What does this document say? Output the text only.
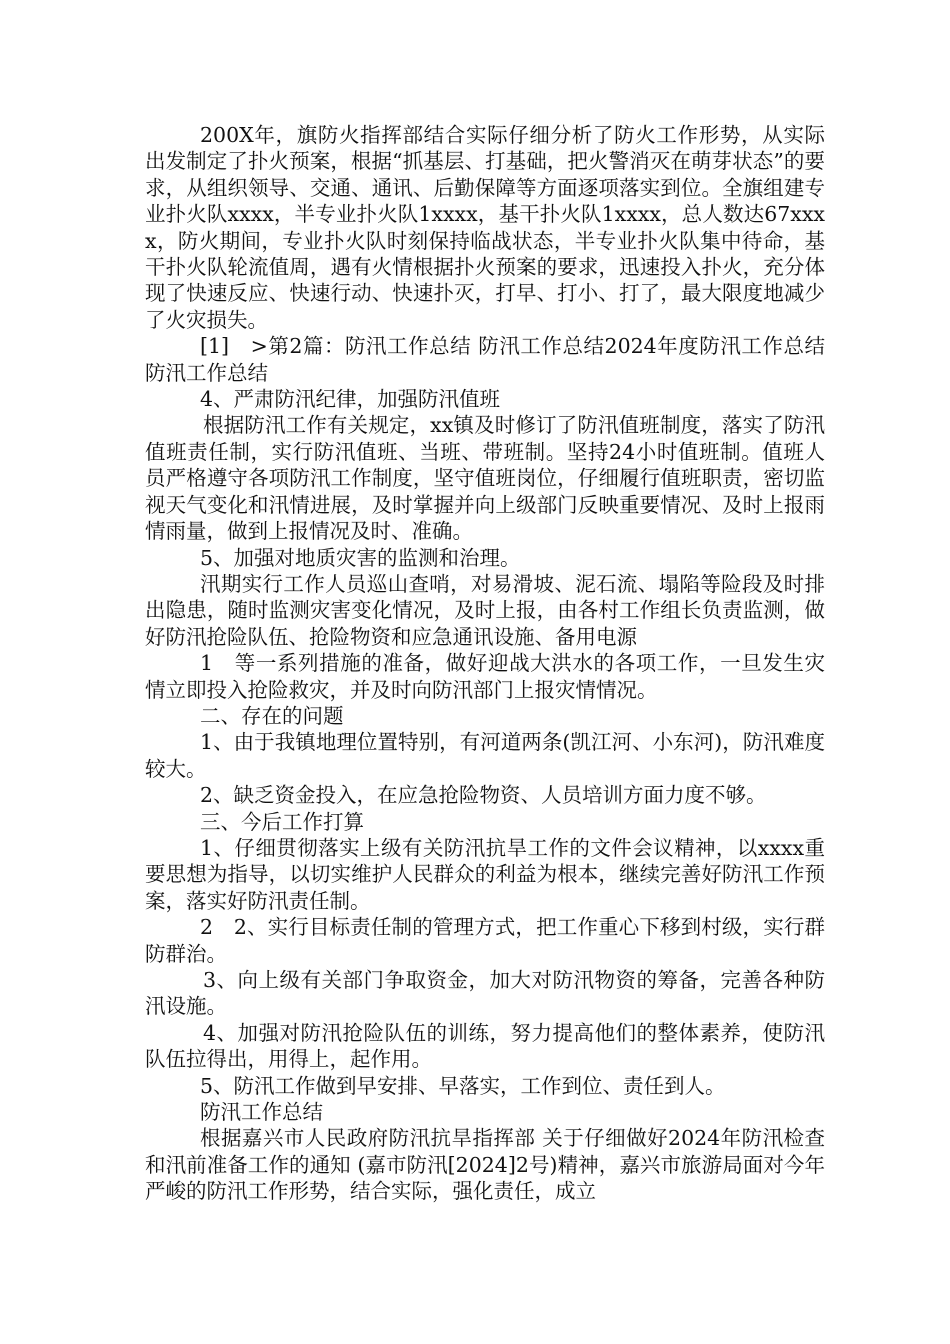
200X年，旗防火指挥部结合实际仔细分析了防火工作形势，从实际出发制定了扑火预案，根据“抓基层、打基础，把火警消灭在萌芽状态”的要求，从组织领导、交通、通讯、后勤保障等方面逐项落实到位。全旗组建专业扑火队xxxx，半专业扑火队1xxxx，基干扑火队1xxxx，总人数达67xxxx，防火期间，专业扑火队时刻保持临战状态，半专业扑火队集中待命，基干扑火队轮流值周，遇有火情根据扑火预案的要求，迅速投入扑火，充分体现了快速反应、快速行动、快速扑灭，打早、打小、打了，最大限度地减少了火灾损失。

[1]　>第2篇：防汛工作总结 防汛工作总结2024年度防汛工作总结 防汛工作总结

4、严肃防汛纪律，加强防汛值班

根据防汛工作有关规定，xx镇及时修订了防汛值班制度，落实了防汛值班责任制，实行防汛值班、当班、带班制。坚持24小时值班制。值班人员严格遵守各项防汛工作制度，坚守值班岗位，仔细履行值班职责，密切监视天气变化和汛情进展，及时掌握并向上级部门反映重要情况、及时上报雨情雨量，做到上报情况及时、准确。

5、加强对地质灾害的监测和治理。

汛期实行工作人员巡山查哨，对易滑坡、泥石流、塌陷等险段及时排出隐患，随时监测灾害变化情况，及时上报，由各村工作组长负责监测，做好防汛抢险队伍、抢险物资和应急通讯设施、备用电源

1　等一系列措施的准备，做好迎战大洪水的各项工作，一旦发生灾情立即投入抢险救灾，并及时向防汛部门上报灾情情况。

二、存在的问题

1、由于我镇地理位置特别，有河道两条(凯江河、小东河)，防汛难度较大。

2、缺乏资金投入，在应急抢险物资、人员培训方面力度不够。

三、今后工作打算

1、仔细贯彻落实上级有关防汛抗旱工作的文件会议精神，以xxxx重要思想为指导，以切实维护人民群众的利益为根本，继续完善好防汛工作预案，落实好防汛责任制。

2　2、实行目标责任制的管理方式，把工作重心下移到村级，实行群防群治。

3、向上级有关部门争取资金，加大对防汛物资的筹备，完善各种防汛设施。

4、加强对防汛抢险队伍的训练，努力提高他们的整体素养，使防汛队伍拉得出，用得上，起作用。

5、防汛工作做到早安排、早落实，工作到位、责任到人。

防汛工作总结

根据嘉兴市人民政府防汛抗旱指挥部 关于仔细做好2024年防汛检查和汛前准备工作的通知 (嘉市防汛[2024]2号)精神，嘉兴市旅游局面对今年严峻的防汛工作形势，结合实际，强化责任，成立
